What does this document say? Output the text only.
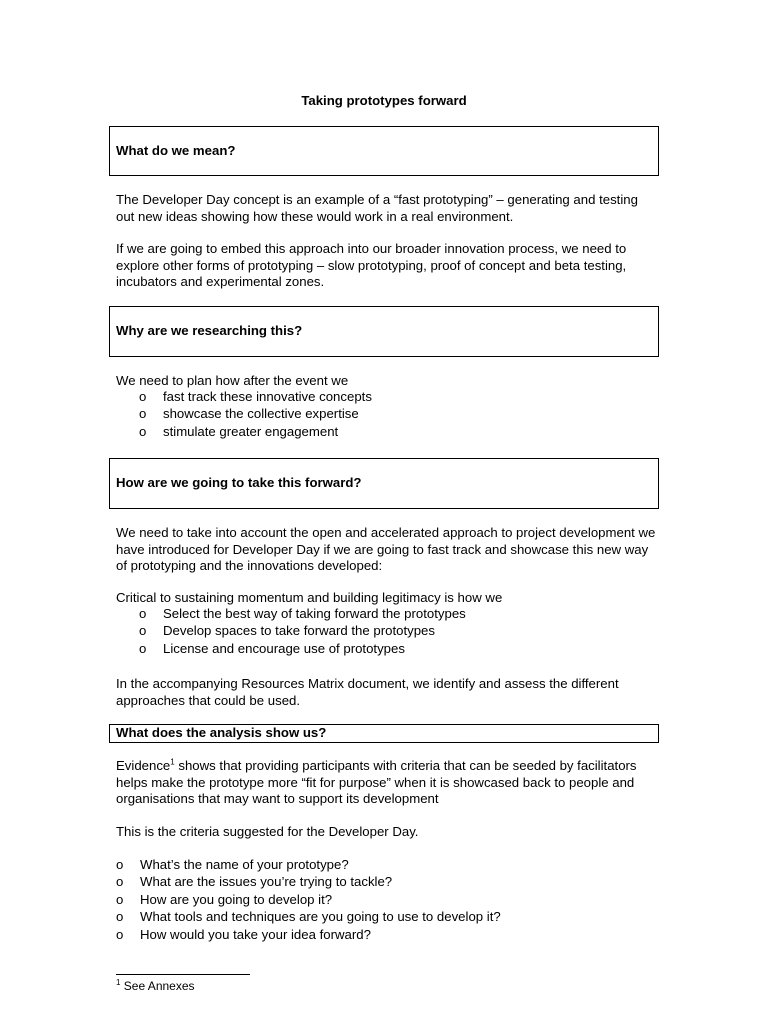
Taking prototypes forward
What do we mean?

The Developer Day concept is an example of a “fast prototyping” – generating and testing out new ideas showing how these would work in a real environment.

If we are going to embed this approach into our broader innovation process, we need to explore other forms of prototyping – slow prototyping, proof of concept and beta testing, incubators and experimental zones.

Why are we researching this?

We need to plan how after the event we

o fast track these innovative concepts
o showcase the collective expertise
o stimulate greater engagement
How are we going to take this forward?

We need to take into account the open and accelerated approach to project development we have introduced for Developer Day if we are going to fast track and showcase this new way of prototyping and the innovations developed:

Critical to sustaining momentum and building legitimacy is how we

o Select the best way of taking forward the prototypes
o Develop spaces to take forward the prototypes
o License and encourage use of prototypes

In the accompanying Resources Matrix document, we identify and assess the different approaches that could be used.

What does the analysis show us?

Evidence$^1$ shows that providing participants with criteria that can be seeded by facilitators helps make the prototype more “fit for purpose” when it is showcased back to people and organisations that may want to support its development

This is the criteria suggested for the Developer Day.

o What’s the name of your prototype?
o What are the issues you’re trying to tackle?
o How are you going to develop it?
o What tools and techniques are you going to use to develop it?
o How would you take your idea forward?
$^1$ See Annexes
